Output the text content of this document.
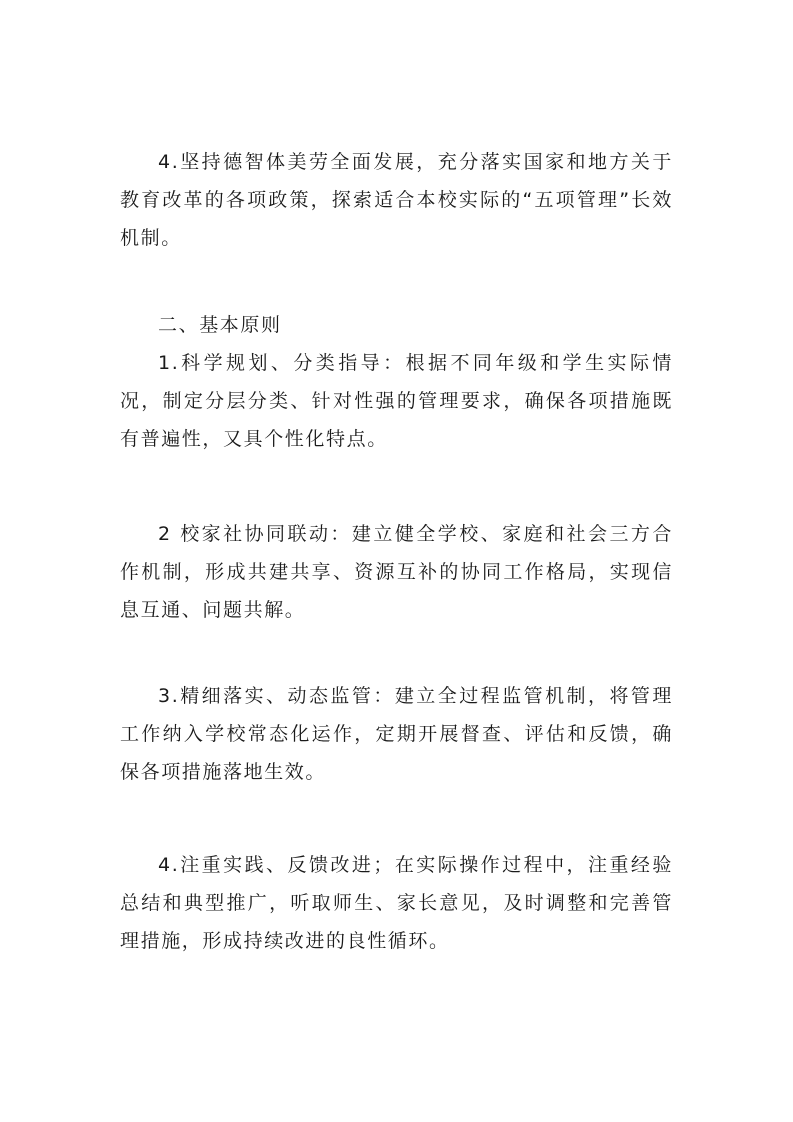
4.坚持德智体美劳全面发展，充分落实国家和地方关于教育改革的各项政策，探索适合本校实际的“五项管理”长效机制。

二、基本原则

1.科学规划、分类指导：根据不同年级和学生实际情况，制定分层分类、针对性强的管理要求，确保各项措施既有普遍性，又具个性化特点。

2 校家社协同联动：建立健全学校、家庭和社会三方合作机制，形成共建共享、资源互补的协同工作格局，实现信息互通、问题共解。

3.精细落实、动态监管：建立全过程监管机制，将管理工作纳入学校常态化运作，定期开展督查、评估和反馈，确保各项措施落地生效。

4.注重实践、反馈改进；在实际操作过程中，注重经验总结和典型推广，听取师生、家长意见，及时调整和完善管理措施，形成持续改进的良性循环。
